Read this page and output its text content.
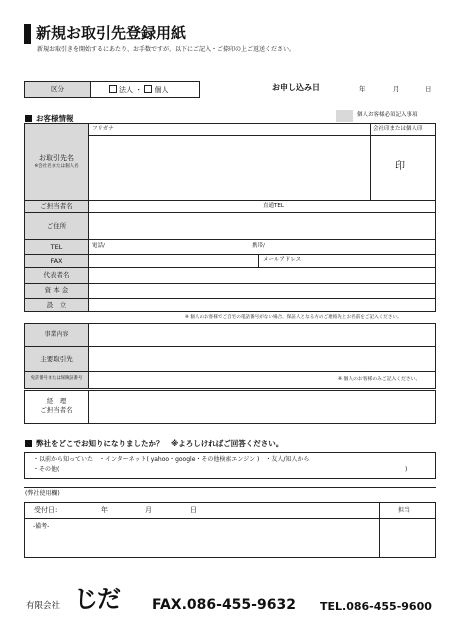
新規お取引先登録用紙
新規お取引きを開始するにあたり、お手数ですが、以下にご記入・ご捺印の上ご返送ください。
区分	法人 ・ 個人	お申し込み日	年	月	日
お客様情報	個人お客様必須記入事項
会社印または個人印
印
フリガナ
お取引先名
※会社名または個人名
ご担当者名	直通TEL
ご住所
TEL	電話/	携帯/
FAX	メールアドレス
代表者名
資 本 金
設　立
※ 個人のお客様でご自宅の電話番号がない場合、保証人となる方のご連絡先とお名前をご記入ください。
事業内容
主要取引先
免許番号または保険証番号	※ 個人のお客様のみご記入ください。
経　理
ご担当者名
弊社をどこでお知りになりましたか？　※よろしければご回答ください。
・以前から知っていた　・インターネット( yahoo・google・その他検索エンジン )　・友人/知人から
・その他(	)
(弊社使用欄)
受付日:	年	月	日	担当
-備考-
有限会社 じだ FAX.086-455-9632 TEL.086-455-9600
